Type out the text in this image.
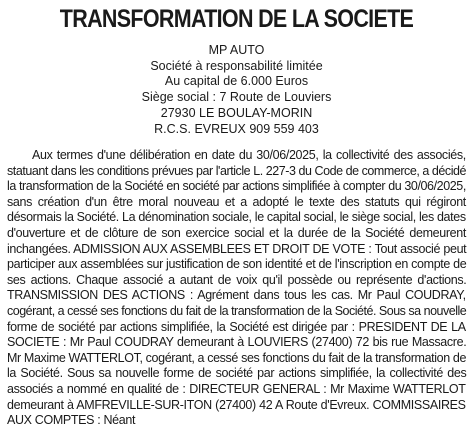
TRANSFORMATION DE LA SOCIETE
MP AUTO
Société à responsabilité limitée
Au capital de 6.000 Euros
Siège social : 7 Route de Louviers
27930 LE BOULAY-MORIN
R.C.S. EVREUX 909 559 403
Aux termes d'une délibération en date du 30/06/2025, la collectivité des associés,
statuant dans les conditions prévues par l'article L. 227-3 du Code de commerce, a décidé
la transformation de la Société en société par actions simplifiée à compter du 30/06/2025,
sans création d'un être moral nouveau et a adopté le texte des statuts qui régiront
désormais la Société. La dénomination sociale, le capital social, le siège social, les dates
d'ouverture et de clôture de son exercice social et la durée de la Société demeurent
inchangées. ADMISSION AUX ASSEMBLEES ET DROIT DE VOTE : Tout associé peut
participer aux assemblées sur justification de son identité et de l'inscription en compte de
ses actions. Chaque associé a autant de voix qu'il possède ou représente d'actions.
TRANSMISSION DES ACTIONS : Agrément dans tous les cas. Mr Paul COUDRAY,
cogérant, a cessé ses fonctions du fait de la transformation de la Société. Sous sa nouvelle
forme de société par actions simplifiée, la Société est dirigée par : PRESIDENT DE LA
SOCIETE : Mr Paul COUDRAY demeurant à LOUVIERS (27400) 72 bis rue Massacre.
Mr Maxime WATTERLOT, cogérant, a cessé ses fonctions du fait de la transformation de
la Société. Sous sa nouvelle forme de société par actions simplifiée, la collectivité des
associés a nommé en qualité de : DIRECTEUR GENERAL : Mr Maxime WATTERLOT
demeurant à AMFREVILLE-SUR-ITON (27400) 42 A Route d'Evreux. COMMISSAIRES
AUX COMPTES : Néant
